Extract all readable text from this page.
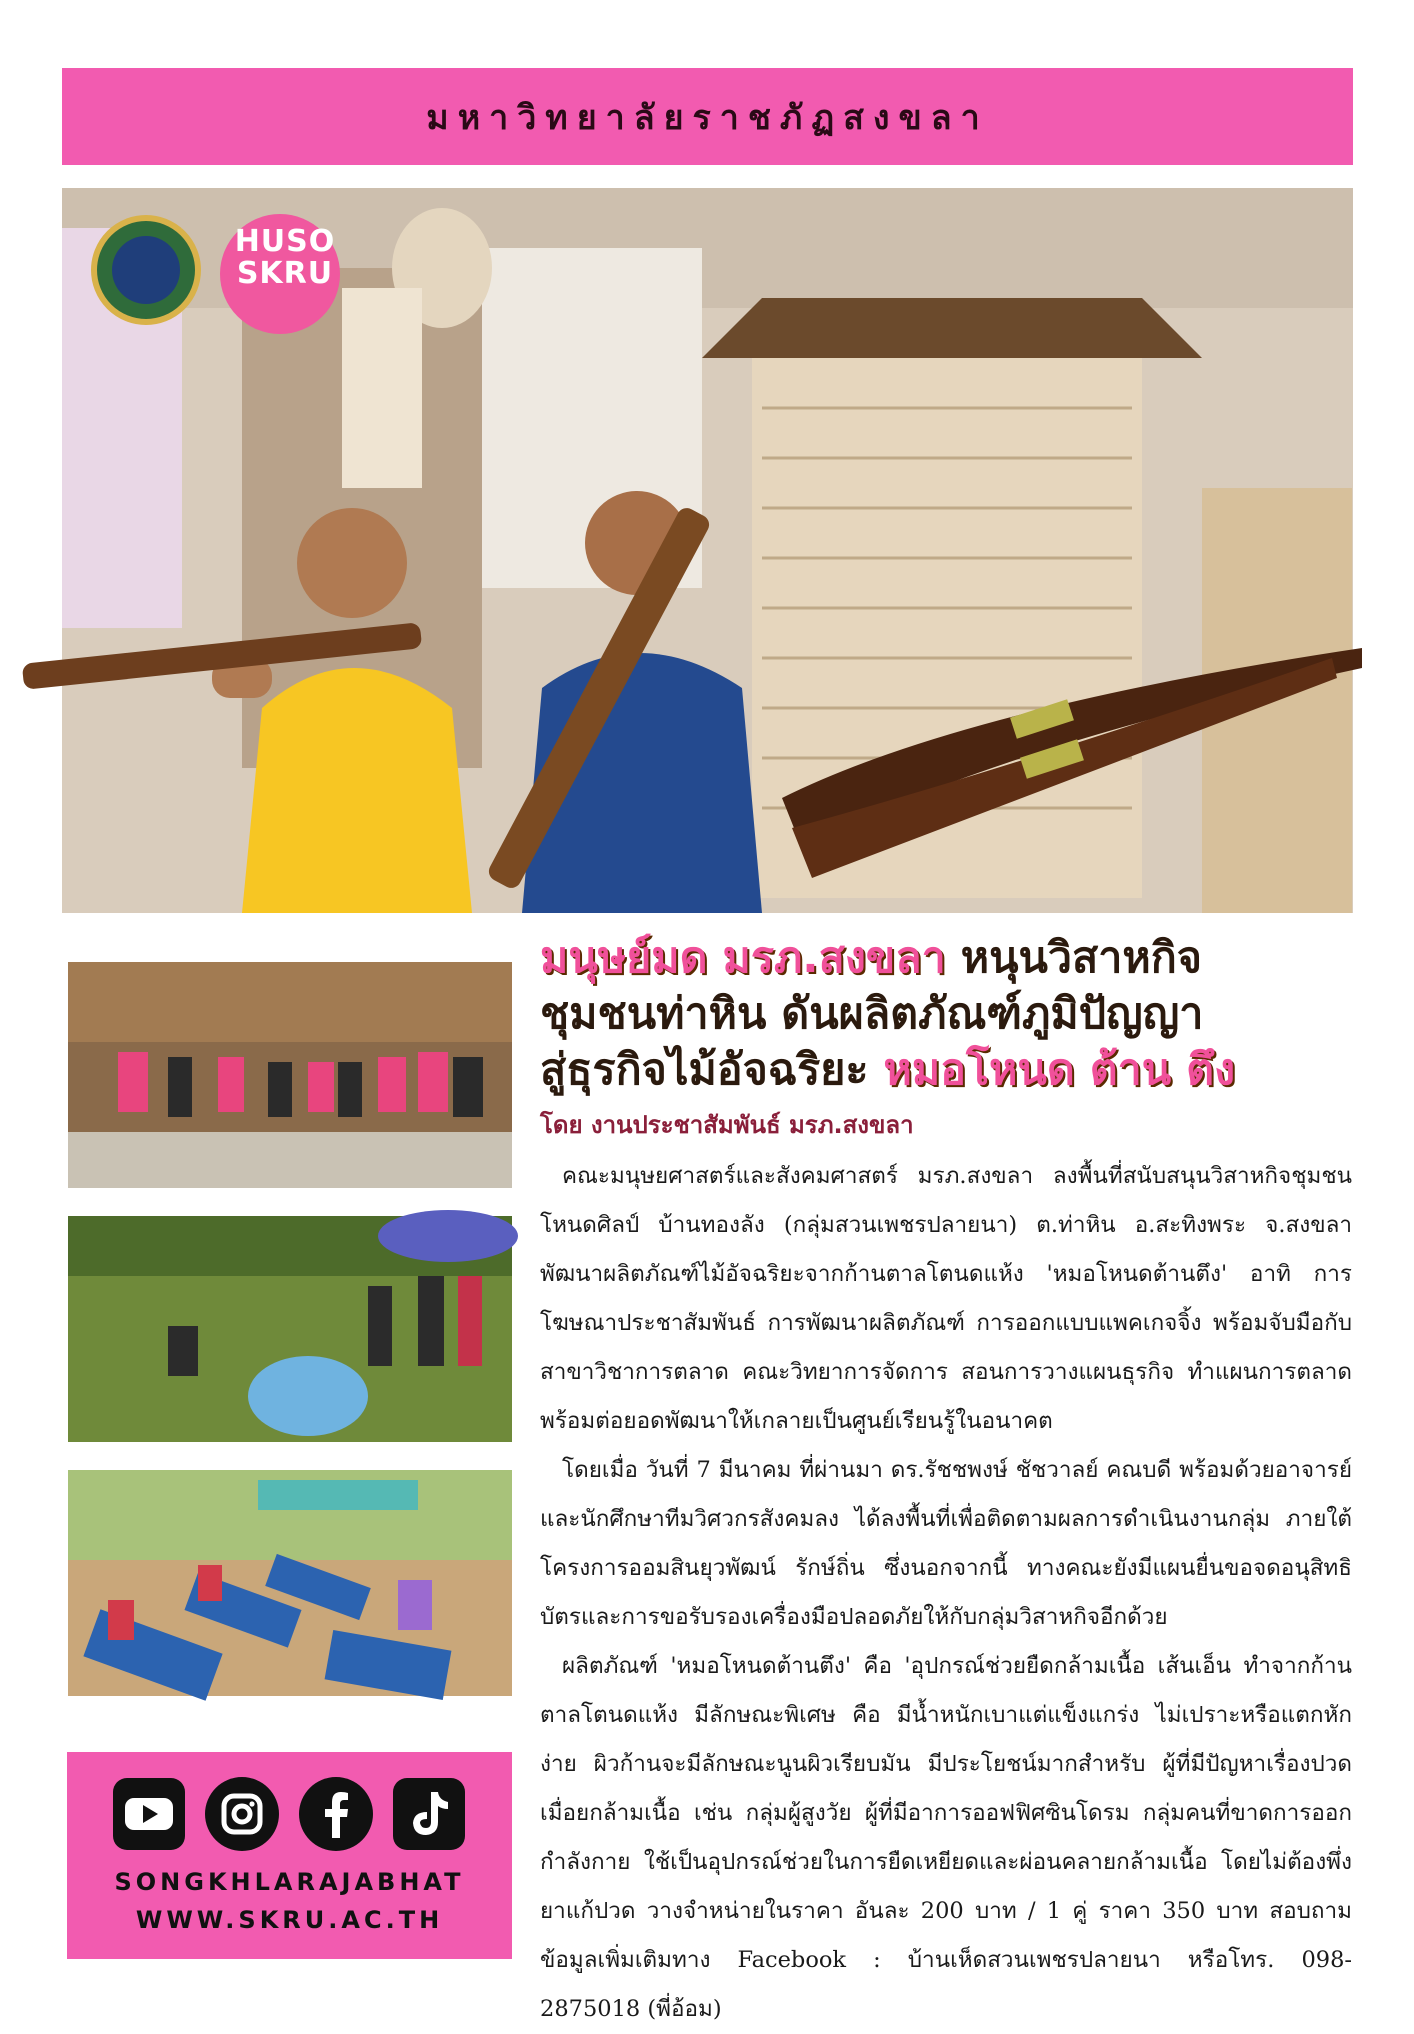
มหาวิทยาลัยราชภัฏสงขลา
HUSO SKRU
มนุษย์มด มรภ.สงขลา หนุนวิสาหกิจ
ชุมชนท่าหิน ดันผลิตภัณฑ์ภูมิปัญญา
สู่ธุรกิจไม้อัจฉริยะ หมอโหนด ต้าน ตึง
โดย งานประชาสัมพันธ์ มรภ.สงขลา

คณะมนุษยศาสตร์และสังคมศาสตร์ มรภ.สงขลา ลงพื้นที่สนับสนุนวิสาหกิจชุมชนโหนดศิลป์ บ้านทองลัง (กลุ่มสวนเพชรปลายนา) ต.ท่าหิน อ.สะทิงพระ จ.สงขลา พัฒนาผลิตภัณฑ์ไม้อัจฉริยะจากก้านตาลโตนดแห้ง 'หมอโหนดต้านตึง' อาทิ การโฆษณาประชาสัมพันธ์ การพัฒนาผลิตภัณฑ์ การออกแบบแพคเกจจิ้ง พร้อมจับมือกับสาขาวิชาการตลาด คณะวิทยาการจัดการ สอนการวางแผนธุรกิจ ทำแผนการตลาด พร้อมต่อยอดพัฒนาให้เกลายเป็นศูนย์เรียนรู้ในอนาคต

โดยเมื่อ วันที่ 7 มีนาคม ที่ผ่านมา ดร.รัชชพงษ์ ชัชวาลย์ คณบดี พร้อมด้วยอาจารย์และนักศึกษาทีมวิศวกรสังคมลง ได้ลงพื้นที่เพื่อติดตามผลการดำเนินงานกลุ่ม ภายใต้โครงการออมสินยุวพัฒน์ รักษ์ถิ่น ซึ่งนอกจากนี้ ทางคณะยังมีแผนยื่นขอจดอนุสิทธิบัตรและการขอรับรองเครื่องมือปลอดภัยให้กับกลุ่มวิสาหกิจอีกด้วย

ผลิตภัณฑ์ 'หมอโหนดต้านตึง' คือ 'อุปกรณ์ช่วยยืดกล้ามเนื้อ เส้นเอ็น ทำจากก้านตาลโตนดแห้ง มีลักษณะพิเศษ คือ มีน้ำหนักเบาแต่แข็งแกร่ง ไม่เปราะหรือแตกหักง่าย ผิวก้านจะมีลักษณะนูนผิวเรียบมัน มีประโยชน์มากสำหรับ ผู้ที่มีปัญหาเรื่องปวดเมื่อยกล้ามเนื้อ เช่น กลุ่มผู้สูงวัย ผู้ที่มีอาการออฟฟิศซินโดรม กลุ่มคนที่ขาดการออกกำลังกาย ใช้เป็นอุปกรณ์ช่วยในการยืดเหยียดและผ่อนคลายกล้ามเนื้อ โดยไม่ต้องพึ่งยาแก้ปวด วางจำหน่ายในราคา อันละ 200 บาท / 1 คู่ ราคา 350 บาท สอบถามข้อมูลเพิ่มเติมทาง Facebook : บ้านเห็ดสวนเพชรปลายนา หรือโทร. 098-2875018 (พี่อ้อม)

SONGKHLARAJABHAT
WWW.SKRU.AC.TH
